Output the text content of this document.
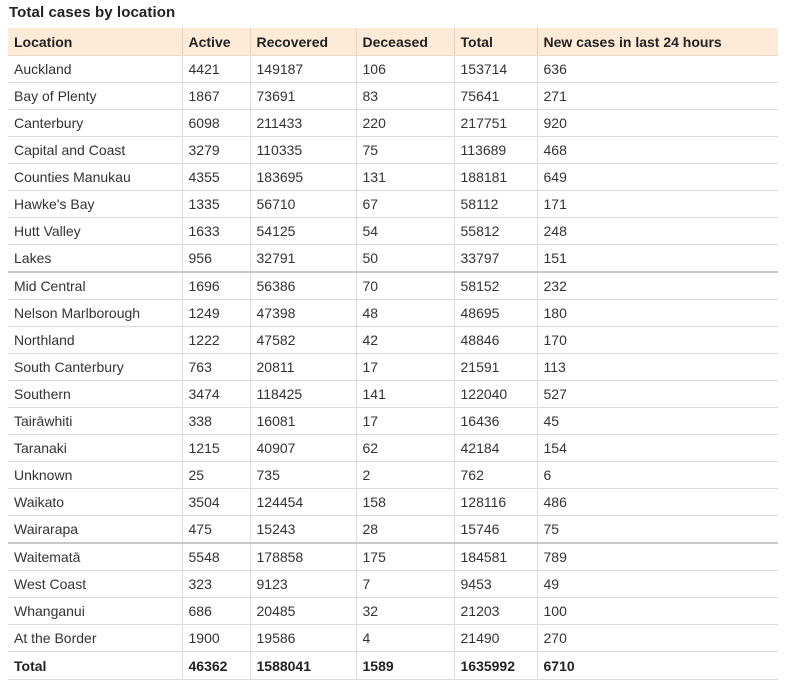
Total cases by location
Location	Active	Recovered	Deceased	Total	New cases in last 24 hours
Auckland	4421	149187	106	153714	636
Bay of Plenty	1867	73691	83	75641	271
Canterbury	6098	211433	220	217751	920
Capital and Coast	3279	110335	75	113689	468
Counties Manukau	4355	183695	131	188181	649
Hawke's Bay	1335	56710	67	58112	171
Hutt Valley	1633	54125	54	55812	248
Lakes	956	32791	50	33797	151
Mid Central	1696	56386	70	58152	232
Nelson Marlborough	1249	47398	48	48695	180
Northland	1222	47582	42	48846	170
South Canterbury	763	20811	17	21591	113
Southern	3474	118425	141	122040	527
Tairāwhiti	338	16081	17	16436	45
Taranaki	1215	40907	62	42184	154
Unknown	25	735	2	762	6
Waikato	3504	124454	158	128116	486
Wairarapa	475	15243	28	15746	75
Waitematā	5548	178858	175	184581	789
West Coast	323	9123	7	9453	49
Whanganui	686	20485	32	21203	100
At the Border	1900	19586	4	21490	270
Total	46362	1588041	1589	1635992	6710
